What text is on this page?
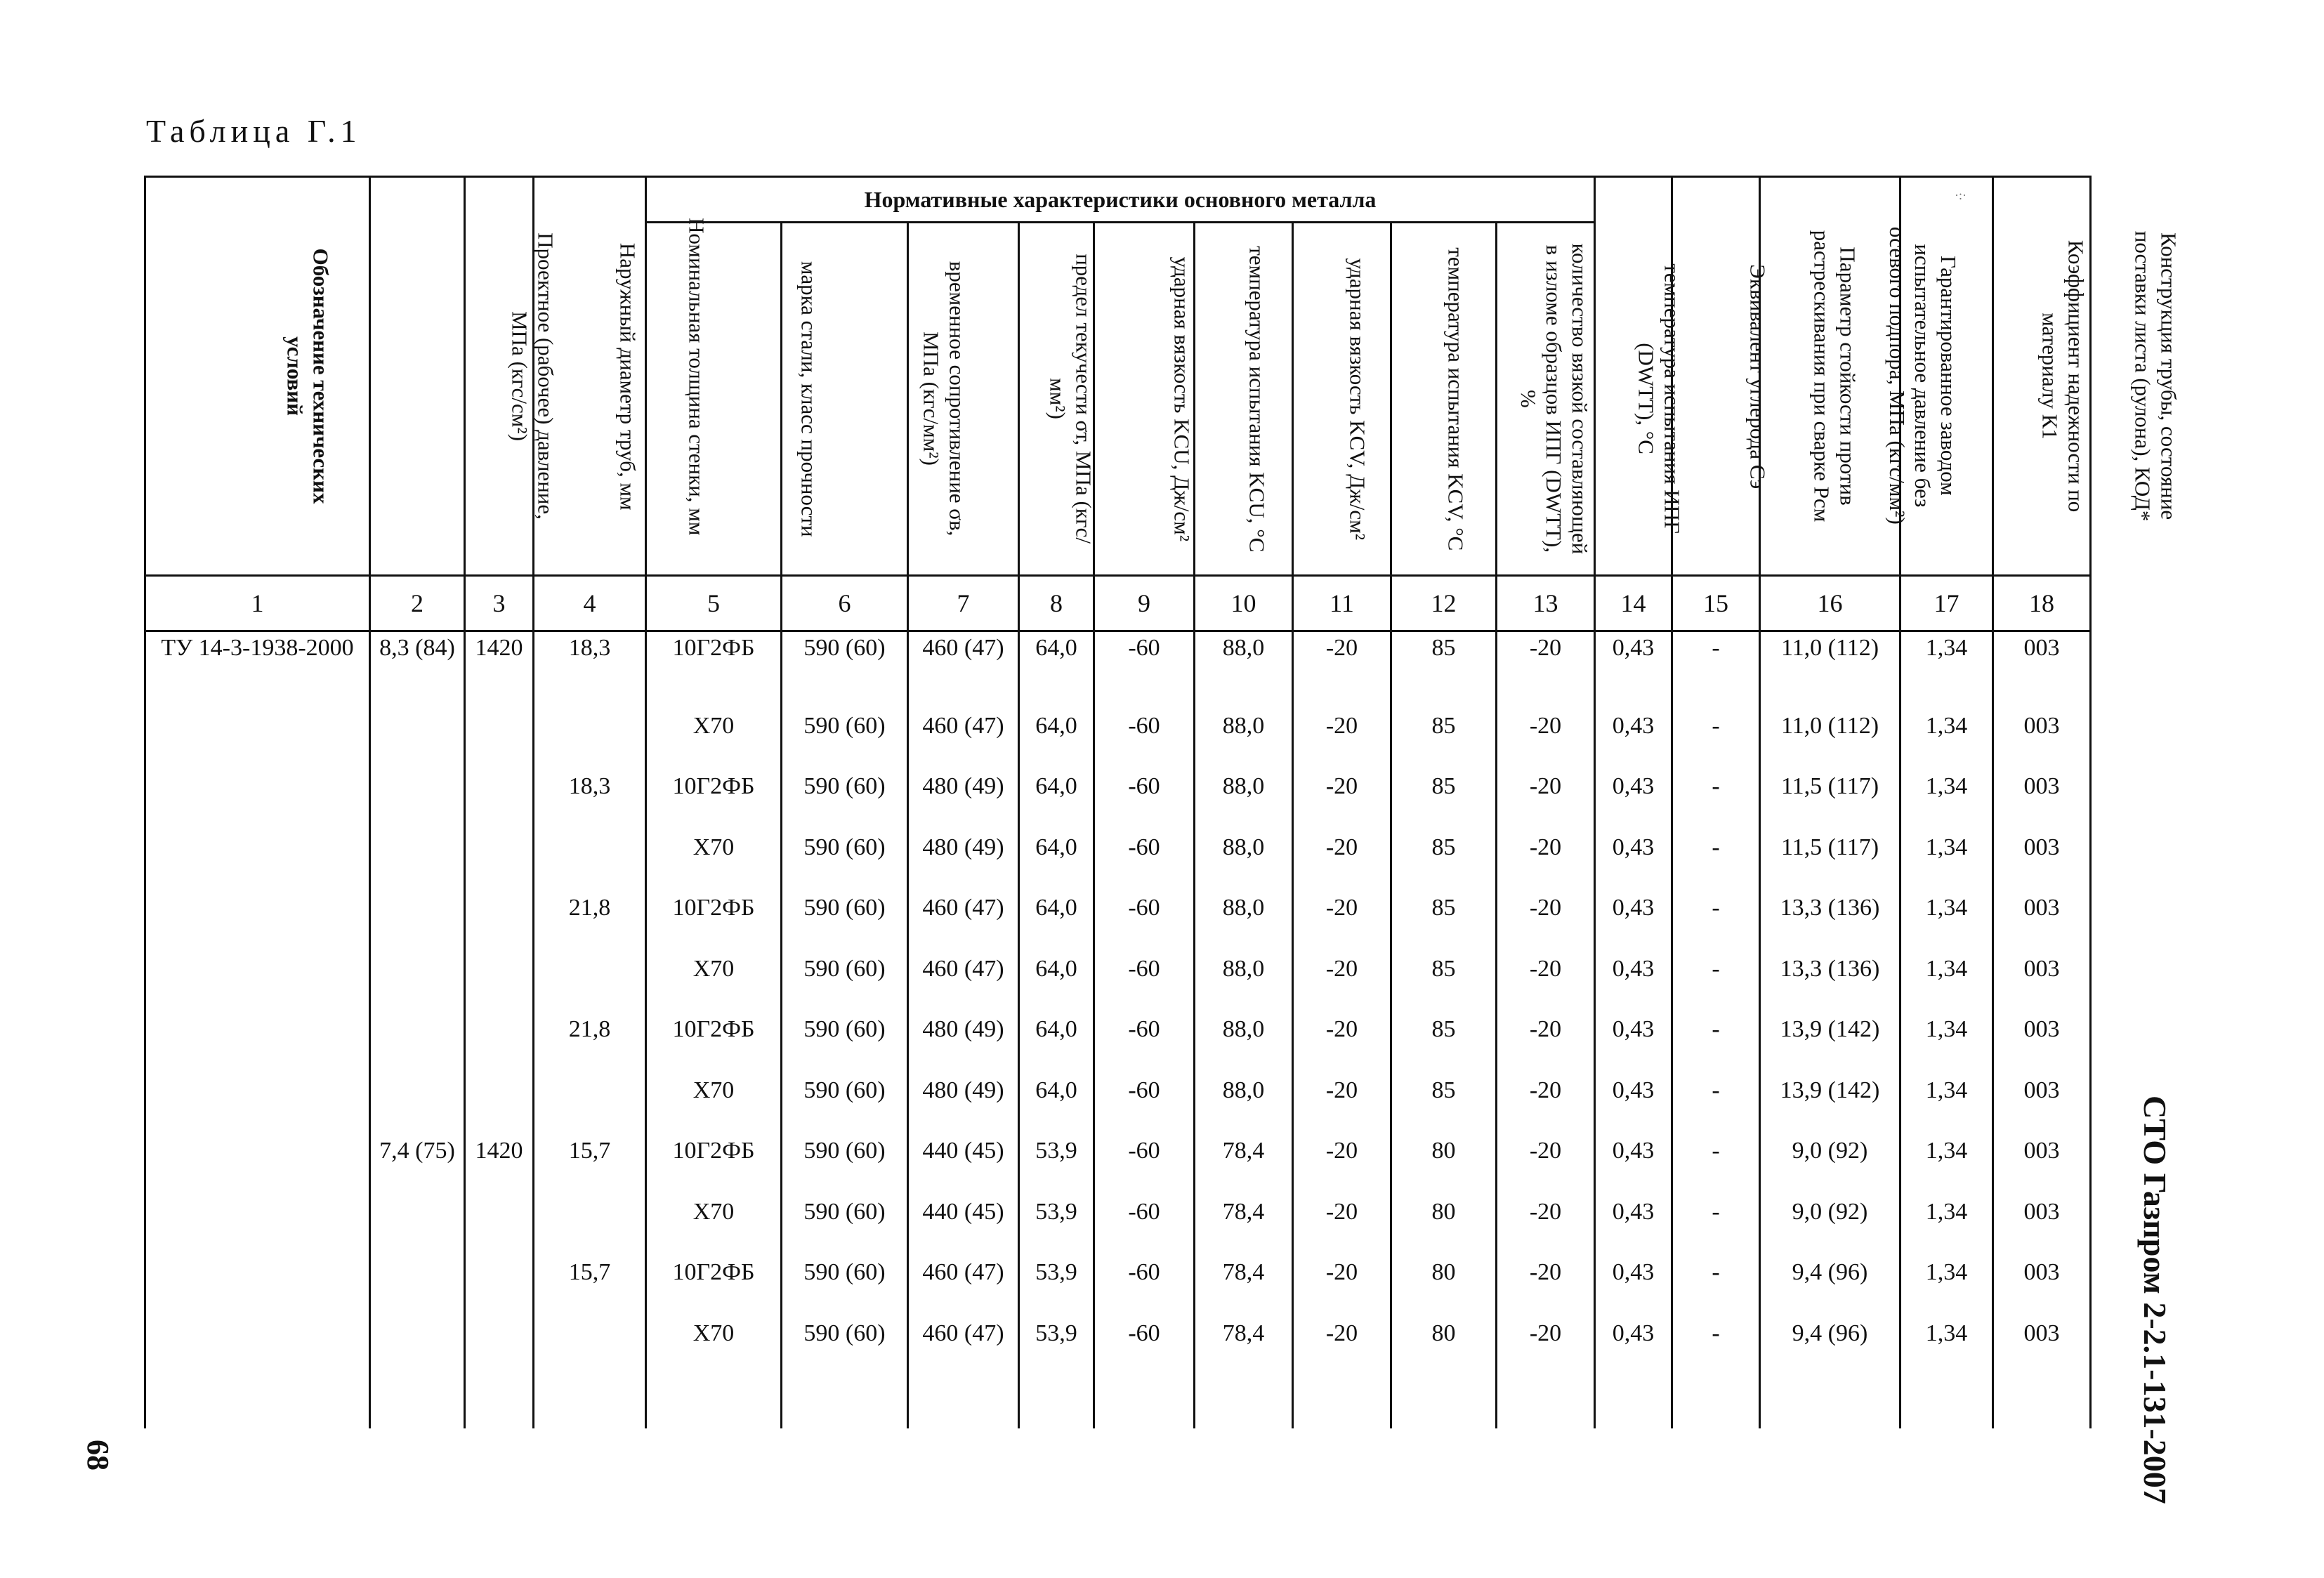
Таблица Г.1
Обозначение технических условий	Проектное (рабочее) давление, МПа (кгс/см²)	Наружный диаметр труб, мм	Номинальная толщина стенки, мм	Нормативные характеристики основного металла									Эквивалент углерода Сэ	Параметр стойкости против растрескивания при сварке Рсм	Гарантированное заводом испытательное давление без осевого подпора, МПа (кгс/мм²)	Коэффициент надежности по материалу К1	Конструкция трубы, состояние поставки листа (рулона), КОД*
				марка стали, класс прочности	временное сопротивление σв, МПа (кгс/мм²)	предел текучести σт, МПа (кгс/мм²)	ударная вязкость KCU, Дж/см²	температура испытания KCU, °С	ударная вязкость KCV, Дж/см²	температура испытания KCV, °С	количество вязкой составляющей в изломе образцов ИПГ (DWTT), %	температура испытания ИПГ (DWTT), °С					
1	2	3	4	5	6	7	8	9	10	11	12	13	14	15	16	17	18
ТУ 14-3-1938-2000	8,3 (84)	1420	18,3	10Г2ФБ	590 (60)	460 (47)	64,0	-60	88,0	-20	85	-20	0,43	-	11,0 (112)	1,34	003
				Х70	590 (60)	460 (47)	64,0	-60	88,0	-20	85	-20	0,43	-	11,0 (112)	1,34	003
			18,3	10Г2ФБ	590 (60)	480 (49)	64,0	-60	88,0	-20	85	-20	0,43	-	11,5 (117)	1,34	003
				Х70	590 (60)	480 (49)	64,0	-60	88,0	-20	85	-20	0,43	-	11,5 (117)	1,34	003
			21,8	10Г2ФБ	590 (60)	460 (47)	64,0	-60	88,0	-20	85	-20	0,43	-	13,3 (136)	1,34	003
				Х70	590 (60)	460 (47)	64,0	-60	88,0	-20	85	-20	0,43	-	13,3 (136)	1,34	003
			21,8	10Г2ФБ	590 (60)	480 (49)	64,0	-60	88,0	-20	85	-20	0,43	-	13,9 (142)	1,34	003
				Х70	590 (60)	480 (49)	64,0	-60	88,0	-20	85	-20	0,43	-	13,9 (142)	1,34	003
	7,4 (75)	1420	15,7	10Г2ФБ	590 (60)	440 (45)	53,9	-60	78,4	-20	80	-20	0,43	-	9,0 (92)	1,34	003
				Х70	590 (60)	440 (45)	53,9	-60	78,4	-20	80	-20	0,43	-	9,0 (92)	1,34	003
			15,7	10Г2ФБ	590 (60)	460 (47)	53,9	-60	78,4	-20	80	-20	0,43	-	9,4 (96)	1,34	003
				Х70	590 (60)	460 (47)	53,9	-60	78,4	-20	80	-20	0,43	-	9,4 (96)	1,34	003

·:·
СТО Газпром 2-2.1-131-2007
68
